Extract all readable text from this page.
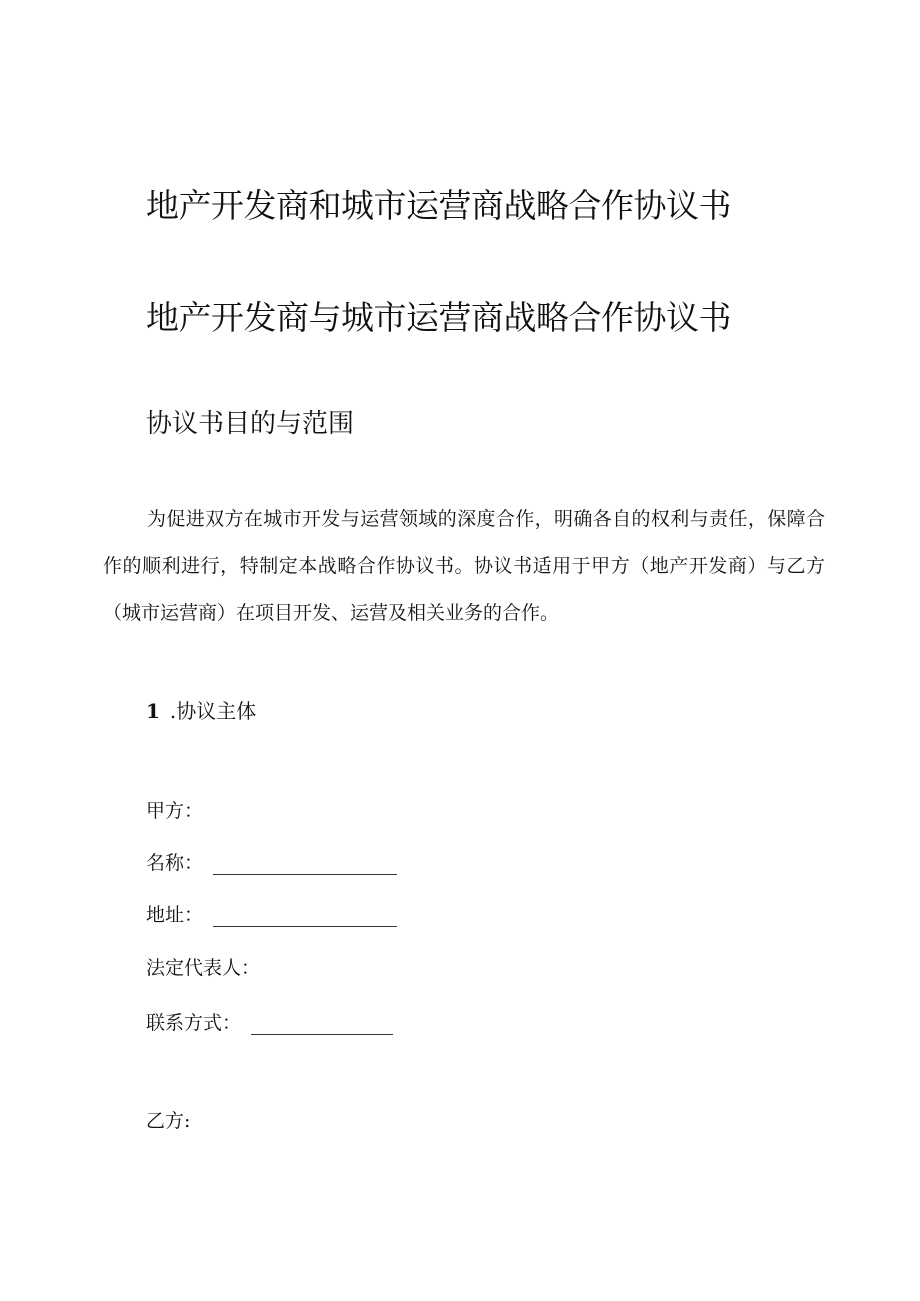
地产开发商和城市运营商战略合作协议书
地产开发商与城市运营商战略合作协议书
协议书目的与范围
为促进双方在城市开发与运营领域的深度合作，明确各自的权利与责任，保障合作的顺利进行，特制定本战略合作协议书。协议书适用于甲方（地产开发商）与乙方（城市运营商）在项目开发、运营及相关业务的合作。
1 .协议主体
甲方：
名称：
地址：
法定代表人：
联系方式：
乙方:
